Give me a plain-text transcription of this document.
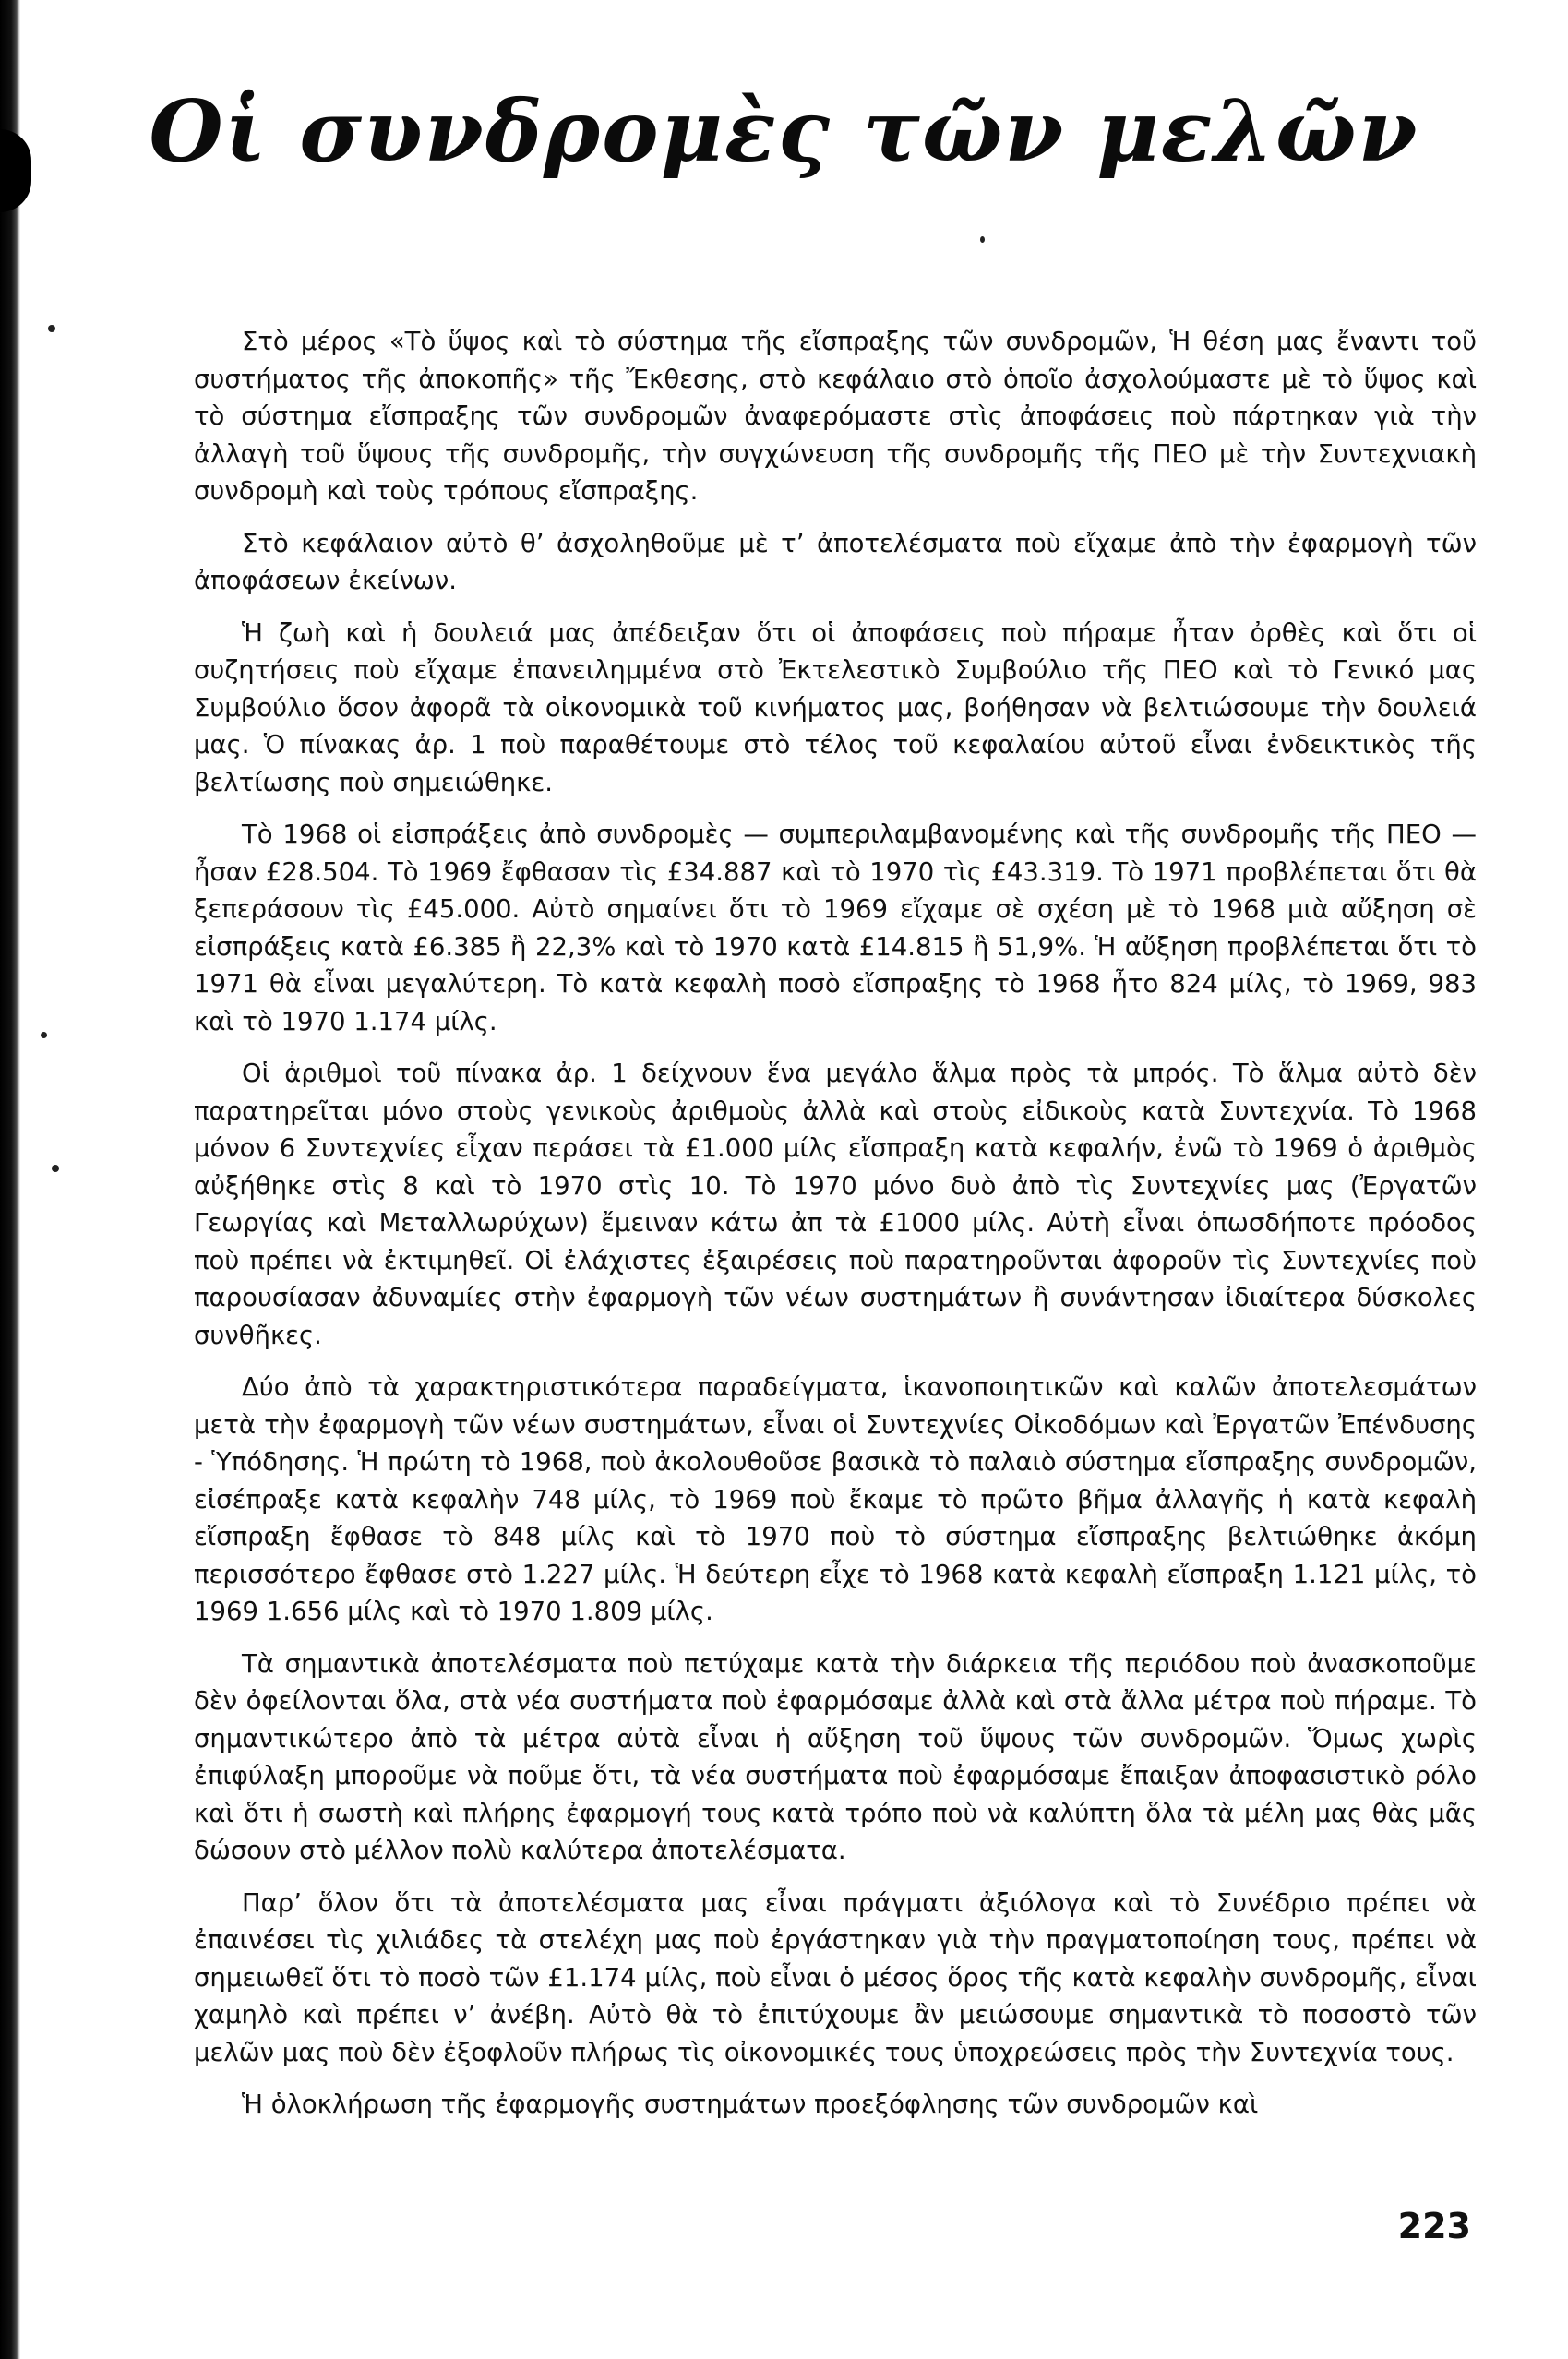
Οἱ συνδρομὲς τῶν μελῶν

Στὸ μέρος «Τὸ ὕψος καὶ τὸ σύστημα τῆς εἴσπραξης τῶν συνδρομῶν, Ἡ θέση μας ἔναντι τοῦ συστήματος τῆς ἀποκοπῆς» τῆς Ἔκθεσης, στὸ κεφάλαιο στὸ ὁποῖο ἀσχολούμαστε μὲ τὸ ὕψος καὶ τὸ σύστημα εἴσπραξης τῶν συνδρομῶν ἀναφερόμαστε στὶς ἀποφάσεις ποὺ πάρτηκαν γιὰ τὴν ἀλλαγὴ τοῦ ὕψους τῆς συνδρομῆς, τὴν συγχώνευση τῆς συνδρομῆς τῆς ΠΕΟ μὲ τὴν Συντεχνιακὴ συνδρομὴ καὶ τοὺς τρόπους εἴσπραξης.

Στὸ κεφάλαιον αὐτὸ θ’ ἀσχοληθοῦμε μὲ τ’ ἀποτελέσματα ποὺ εἴχαμε ἀπὸ τὴν ἐφαρμογὴ τῶν ἀποφάσεων ἐκείνων.

Ἡ ζωὴ καὶ ἡ δουλειά μας ἀπέδειξαν ὅτι οἱ ἀποφάσεις ποὺ πήραμε ἦταν ὀρθὲς καὶ ὅτι οἱ συζητήσεις ποὺ εἴχαμε ἐπανειλημμένα στὸ Ἐκτελεστικὸ Συμβούλιο τῆς ΠΕΟ καὶ τὸ Γενικό μας Συμβούλιο ὅσον ἀφορᾶ τὰ οἰκονομικὰ τοῦ κινήματος μας, βοήθησαν νὰ βελτιώσουμε τὴν δουλειά μας. Ὁ πίνακας ἀρ. 1 ποὺ παραθέτουμε στὸ τέλος τοῦ κεφαλαίου αὐτοῦ εἶναι ἐνδεικτικὸς τῆς βελτίωσης ποὺ σημειώθηκε.

Τὸ 1968 οἱ εἰσπράξεις ἀπὸ συνδρομὲς — συμπεριλαμβανομένης καὶ τῆς συνδρομῆς τῆς ΠΕΟ — ἦσαν £28.504. Τὸ 1969 ἔφθασαν τὶς £34.887 καὶ τὸ 1970 τὶς £43.319. Τὸ 1971 προβλέπεται ὅτι θὰ ξεπεράσουν τὶς £45.000. Αὐτὸ σημαίνει ὅτι τὸ 1969 εἴχαμε σὲ σχέση μὲ τὸ 1968 μιὰ αὔξηση σὲ εἰσπράξεις κατὰ £6.385 ἢ 22,3% καὶ τὸ 1970 κατὰ £14.815 ἢ 51,9%. Ἡ αὔξηση προβλέπεται ὅτι τὸ 1971 θὰ εἶναι μεγαλύτερη. Τὸ κατὰ κεφαλὴ ποσὸ εἴσπραξης τὸ 1968 ἦτο 824 μίλς, τὸ 1969, 983 καὶ τὸ 1970 1.174 μίλς.

Οἱ ἀριθμοὶ τοῦ πίνακα ἀρ. 1 δείχνουν ἕνα μεγάλο ἅλμα πρὸς τὰ μπρός. Τὸ ἅλμα αὐτὸ δὲν παρατηρεῖται μόνο στοὺς γενικοὺς ἀριθμοὺς ἀλλὰ καὶ στοὺς εἰδικοὺς κατὰ Συντεχνία. Τὸ 1968 μόνον 6 Συντεχνίες εἶχαν περάσει τὰ £1.000 μίλς εἴσπραξη κατὰ κεφαλήν, ἐνῶ τὸ 1969 ὁ ἀριθμὸς αὐξήθηκε στὶς 8 καὶ τὸ 1970 στὶς 10. Τὸ 1970 μόνο δυὸ ἀπὸ τὶς Συντεχνίες μας (Ἐργατῶν Γεωργίας καὶ Μεταλλωρύχων) ἔμειναν κάτω ἀπ τὰ £1000 μίλς. Αὐτὴ εἶναι ὁπωσδήποτε πρόοδος ποὺ πρέπει νὰ ἐκτιμηθεῖ. Οἱ ἐλάχιστες ἐξαιρέσεις ποὺ παρατηροῦνται ἀφοροῦν τὶς Συντεχνίες ποὺ παρουσίασαν ἀδυναμίες στὴν ἐφαρμογὴ τῶν νέων συστημάτων ἢ συνάντησαν ἰδιαίτερα δύσκολες συνθῆκες.

Δύο ἀπὸ τὰ χαρακτηριστικότερα παραδείγματα, ἱκανοποιητικῶν καὶ καλῶν ἀποτελεσμάτων μετὰ τὴν ἐφαρμογὴ τῶν νέων συστημάτων, εἶναι οἱ Συντεχνίες Οἰκοδόμων καὶ Ἐργατῶν Ἐπένδυσης - Ὑπόδησης. Ἡ πρώτη τὸ 1968, ποὺ ἀκολουθοῦσε βασικὰ τὸ παλαιὸ σύστημα εἴσπραξης συνδρομῶν, εἰσέπραξε κατὰ κεφαλὴν 748 μίλς, τὸ 1969 ποὺ ἔκαμε τὸ πρῶτο βῆμα ἀλλαγῆς ἡ κατὰ κεφαλὴ εἴσπραξη ἔφθασε τὸ 848 μίλς καὶ τὸ 1970 ποὺ τὸ σύστημα εἴσπραξης βελτιώθηκε ἀκόμη περισσότερο ἔφθασε στὸ 1.227 μίλς. Ἡ δεύτερη εἶχε τὸ 1968 κατὰ κεφαλὴ εἴσπραξη 1.121 μίλς, τὸ 1969 1.656 μίλς καὶ τὸ 1970 1.809 μίλς.

Τὰ σημαντικὰ ἀποτελέσματα ποὺ πετύχαμε κατὰ τὴν διάρκεια τῆς περιόδου ποὺ ἀνασκοποῦμε δὲν ὀφείλονται ὅλα, στὰ νέα συστήματα ποὺ ἐφαρμόσαμε ἀλλὰ καὶ στὰ ἄλλα μέτρα ποὺ πήραμε. Τὸ σημαντικώτερο ἀπὸ τὰ μέτρα αὐτὰ εἶναι ἡ αὔξηση τοῦ ὕψους τῶν συνδρομῶν. Ὅμως χωρὶς ἐπιφύλαξη μποροῦμε νὰ ποῦμε ὅτι, τὰ νέα συστήματα ποὺ ἐφαρμόσαμε ἔπαιξαν ἀποφασιστικὸ ρόλο καὶ ὅτι ἡ σωστὴ καὶ πλήρης ἐφαρμογή τους κατὰ τρόπο ποὺ νὰ καλύπτη ὅλα τὰ μέλη μας θὰς μᾶς δώσουν στὸ μέλλον πολὺ καλύτερα ἀποτελέσματα.

Παρ’ ὅλον ὅτι τὰ ἀποτελέσματα μας εἶναι πράγματι ἀξιόλογα καὶ τὸ Συνέδριο πρέπει νὰ ἐπαινέσει τὶς χιλιάδες τὰ στελέχη μας ποὺ ἐργάστηκαν γιὰ τὴν πραγματοποίηση τους, πρέπει νὰ σημειωθεῖ ὅτι τὸ ποσὸ τῶν £1.174 μίλς, ποὺ εἶναι ὁ μέσος ὅρος τῆς κατὰ κεφαλὴν συνδρομῆς, εἶναι χαμηλὸ καὶ πρέπει ν’ ἀνέβη. Αὐτὸ θὰ τὸ ἐπιτύχουμε ἂν μειώσουμε σημαντικὰ τὸ ποσοστὸ τῶν μελῶν μας ποὺ δὲν ἐξοφλοῦν πλήρως τὶς οἰκονομικές τους ὑποχρεώσεις πρὸς τὴν Συντεχνία τους.

Ἡ ὁλοκλήρωση τῆς ἐφαρμογῆς συστημάτων προεξόφλησης τῶν συνδρομῶν καὶ

223
